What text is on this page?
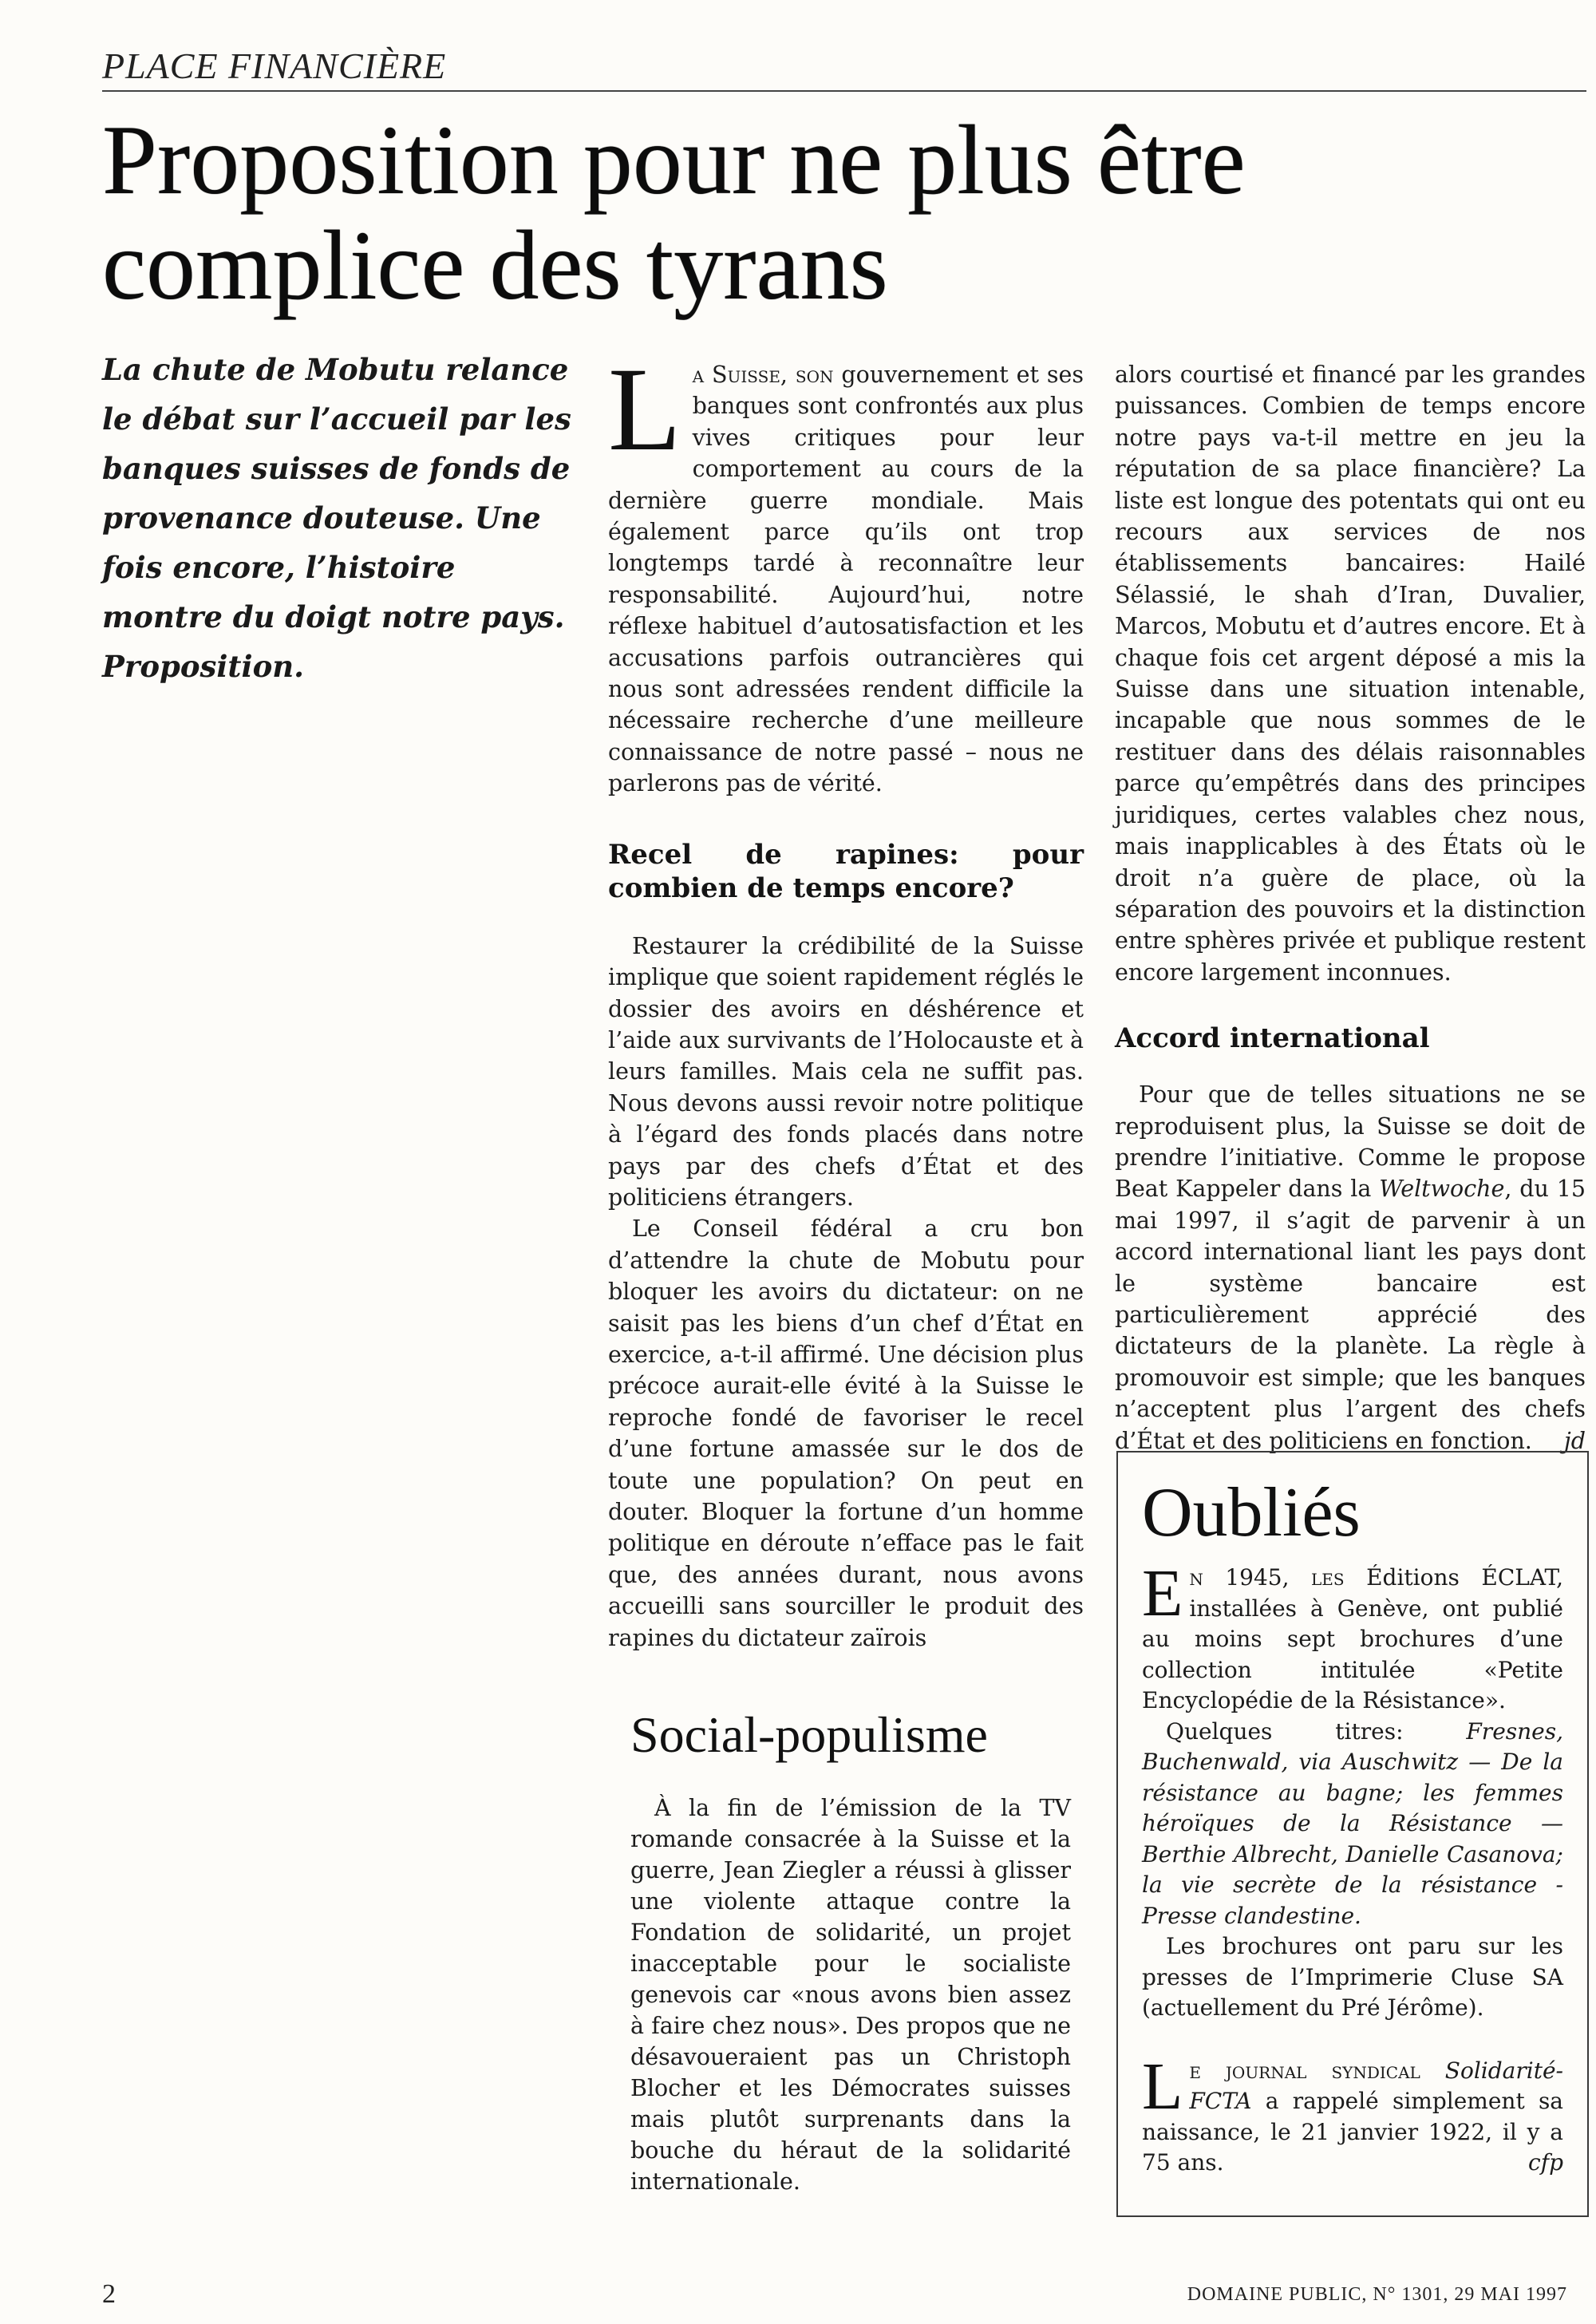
PLACE FINANCIÈRE
Proposition pour ne plus être
complice des tyrans
La chute de Mobutu relance le débat sur l’accueil par les banques suisses de fonds de provenance douteuse. Une fois encore, l’histoire montre du doigt notre pays. Proposition.

La Suisse, son gouvernement et ses banques sont confrontés aux plus vives critiques pour leur comportement au cours de la dernière guerre mondiale. Mais également parce qu’ils ont trop longtemps tardé à reconnaître leur responsabilité. Aujourd’hui, notre réflexe habituel d’autosatisfaction et les accusations parfois outrancières qui nous sont adressées rendent difficile la nécessaire recherche d’une meilleure connaissance de notre passé – nous ne parlerons pas de vérité.

Recel de rapines: pour combien de temps encore?

Restaurer la crédibilité de la Suisse implique que soient rapidement réglés le dossier des avoirs en déshérence et l’aide aux survivants de l’Holocauste et à leurs familles. Mais cela ne suffit pas. Nous devons aussi revoir notre politique à l’égard des fonds placés dans notre pays par des chefs d’État et des politiciens étrangers.

Le Conseil fédéral a cru bon d’attendre la chute de Mobutu pour bloquer les avoirs du dictateur: on ne saisit pas les biens d’un chef d’État en exercice, a-t-il affirmé. Une décision plus précoce aurait-elle évité à la Suisse le reproche fondé de favoriser le recel d’une fortune amassée sur le dos de toute une population? On peut en douter. Bloquer la fortune d’un homme politique en déroute n’efface pas le fait que, des années durant, nous avons accueilli sans sourciller le produit des rapines du dictateur zaïrois

alors courtisé et financé par les grandes puissances. Combien de temps encore notre pays va-t-il mettre en jeu la réputation de sa place financière? La liste est longue des potentats qui ont eu recours aux services de nos établissements bancaires: Hailé Sélassié, le shah d’Iran, Duvalier, Marcos, Mobutu et d’autres encore. Et à chaque fois cet argent déposé a mis la Suisse dans une situation intenable, incapable que nous sommes de le restituer dans des délais raisonnables parce qu’empêtrés dans des principes juridiques, certes valables chez nous, mais inapplicables à des États où le droit n’a guère de place, où la séparation des pouvoirs et la distinction entre sphères privée et publique restent encore largement inconnues.

Accord international

Pour que de telles situations ne se reproduisent plus, la Suisse se doit de prendre l’initiative. Comme le propose Beat Kappeler dans la Weltwoche, du 15 mai 1997, il s’agit de parvenir à un accord international liant les pays dont le système bancaire est particulièrement apprécié des dictateurs de la planète. La règle à promouvoir est simple; que les banques n’acceptent plus l’argent des chefs d’État et des politiciens en fonction.	jd

Social-populisme

À la fin de l’émission de la TV romande consacrée à la Suisse et la guerre, Jean Ziegler a réussi à glisser une violente attaque contre la Fondation de solidarité, un projet inacceptable pour le socialiste genevois car «nous avons bien assez à faire chez nous». Des propos que ne désavoueraient pas un Christoph Blocher et les Démocrates suisses mais plutôt surprenants dans la bouche du héraut de la solidarité internationale.

Oubliés

En 1945, les Éditions ÉCLAT, installées à Genève, ont publié au moins sept brochures d’une collection intitulée «Petite Encyclopédie de la Résistance».

Quelques titres: Fresnes, Buchenwald, via Auschwitz — De la résistance au bagne; les femmes héroïques de la Résistance — Berthie Albrecht, Danielle Casanova; la vie secrète de la résistance - Presse clandestine.

Les brochures ont paru sur les presses de l’Imprimerie Cluse SA (actuellement du Pré Jérôme).

Le journal syndical Solidarité-FCTA a rappelé simplement sa naissance, le 21 janvier 1922, il y a 75 ans.	cfp

2	DOMAINE PUBLIC, N° 1301, 29 MAI 1997
